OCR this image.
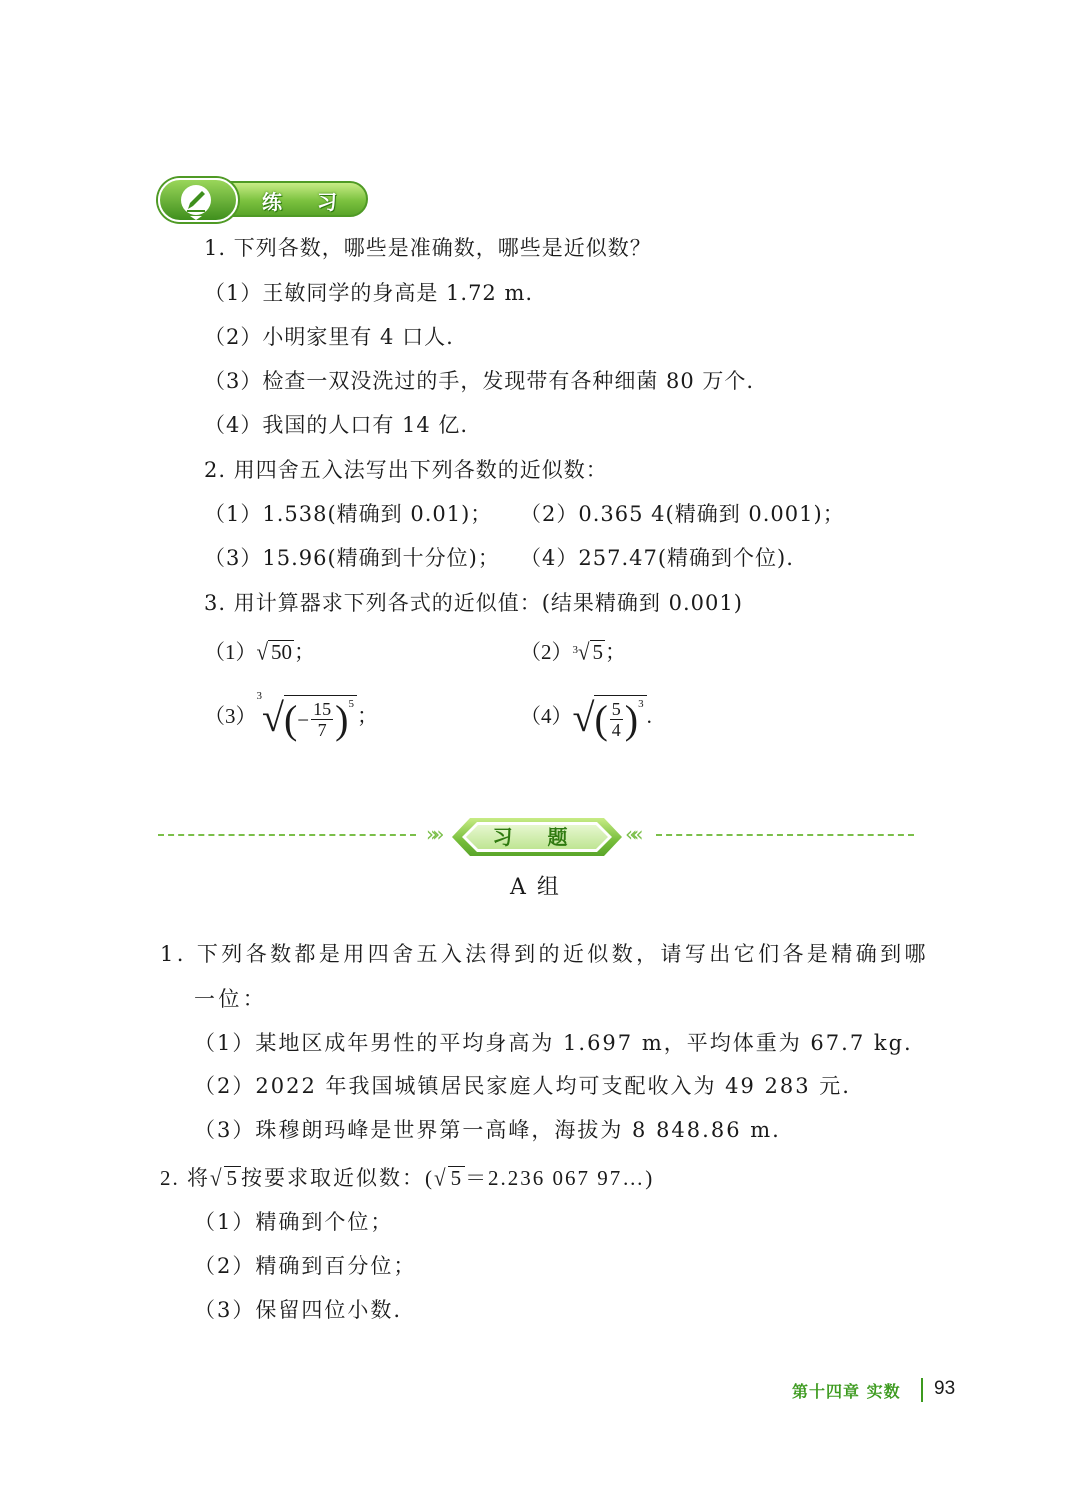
练 习
1. 下列各数，哪些是准确数，哪些是近似数？
（1）王敏同学的身高是 1.72 m.
（2）小明家里有 4 口人.
（3）检查一双没洗过的手，发现带有各种细菌 80 万个.
（4）我国的人口有 14 亿.
2. 用四舍五入法写出下列各数的近似数：
（1）1.538(精确到 0.01)； （2）0.365 4(精确到 0.001)；
（3）15.96(精确到十分位)； （4）257.47(精确到个位).
3. 用计算器求下列各式的近似值：(结果精确到 0.001)
（1）√ 50；	$(2)^3√$ 5；
$(3)^3√(- \frac{15}{7} )^5$；	$(4)√( \frac{5}{4} )^3$.
»»	习 题	««
A 组
1. 下列各数都是用四舍五入法得到的近似数，请写出它们各是精确到哪
一位：
（1）某地区成年男性的平均身高为 1.697 m，平均体重为 67.7 kg.
（2）2022 年我国城镇居民家庭人均可支配收入为 49 283 元.
（3）珠穆朗玛峰是世界第一高峰，海拔为 8 848.86 m.
2. 将√ 5按要求取近似数：(√ 5＝2.236 067 97…)
（1）精确到个位；
（2）精确到百分位；
（3）保留四位小数.
第十四章 实数 93
